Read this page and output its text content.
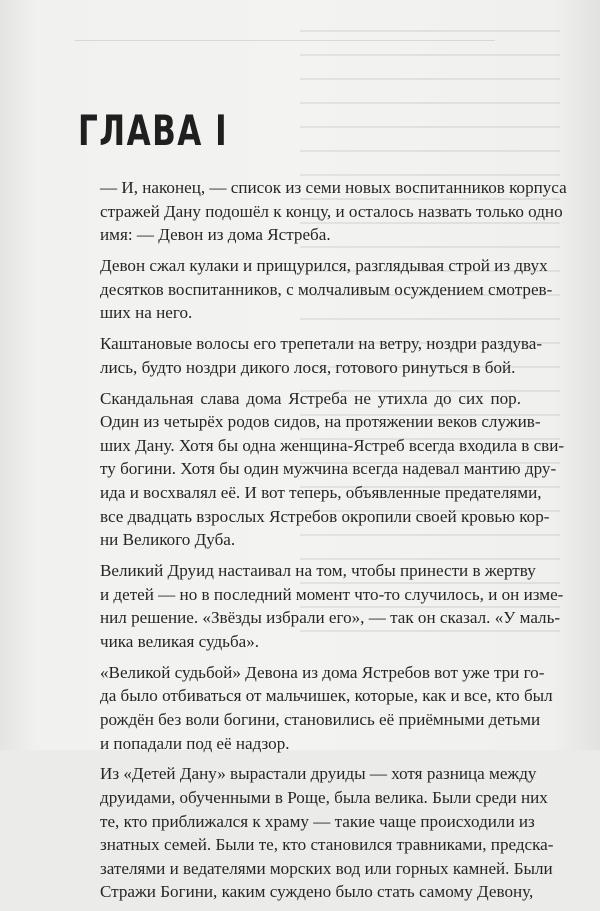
ГЛАВА I

— И, наконец, — список из семи новых воспитанников корпуса
стражей Дану подошёл к концу, и осталось назвать только одно
имя: — Девон из дома Ястреба.

Девон сжал кулаки и прищурился, разглядывая строй из двух
десятков воспитанников, с молчаливым осуждением смотрев-
ших на него.

Каштановые волосы его трепетали на ветру, ноздри раздува-
лись, будто ноздри дикого лося, готового ринуться в бой.

Скандальная слава дома Ястреба не утихла до сих пор.
Один из четырёх родов сидов, на протяжении веков служив-
ших Дану. Хотя бы одна женщина-Ястреб всегда входила в сви-
ту богини. Хотя бы один мужчина всегда надевал мантию дру-
ида и восхвалял её. И вот теперь, объявленные предателями,
все двадцать взрослых Ястребов окропили своей кровью кор-
ни Великого Дуба.

Великий Друид настаивал на том, чтобы принести в жертву
и детей — но в последний момент что-то случилось, и он изме-
нил решение. «Звёзды избрали его», — так он сказал. «У маль-
чика великая судьба».

«Великой судьбой» Девона из дома Ястребов вот уже три го-
да было отбиваться от мальчишек, которые, как и все, кто был
рождён без воли богини, становились её приёмными детьми
и попадали под её надзор.

Из «Детей Дану» вырастали друиды — хотя разница между
друидами, обученными в Роще, была велика. Были среди них
те, кто приближался к храму — такие чаще происходили из
знатных семей. Были те, кто становился травниками, предска-
зателями и ведателями морских вод или горных камней. Были
Стражи Богини, каким суждено было стать самому Девону,
